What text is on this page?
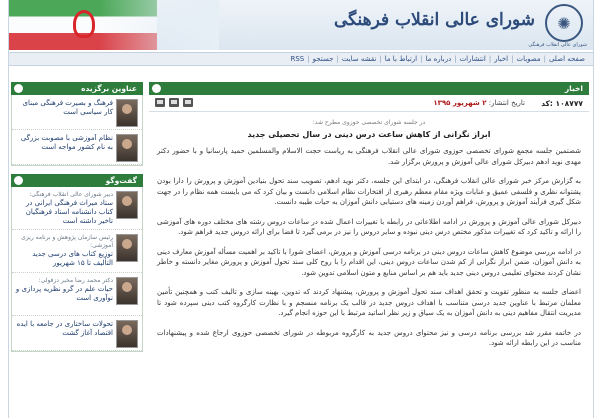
شورای عالی انقلاب فرهنگی	✺
شورای عالی انقلاب فرهنگی
صفحه اصلی
|
مصوبات
|
اخبار
|
انتشارات
|
درباره ما
|
ارتباط با ما
|
نقشه سایت
|
جستجو
|
RSS
عناوین برگزیده
فرهنگ و بصیرت فرهنگی مبنای کار سیاسی است
نظام آموزشی با مصوبت بزرگی به نام کشور مواجه است
گفت‌وگو
دبیر شورای عالی انقلاب فرهنگی:
ستاد میراث فرهنگی ایرانی در کتاب دانشنامه استاد فرهنگیان تاخیر داشته است
رئیس سازمان پژوهش و برنامه ریزی آموزشی:
توزیع کتاب های درسی جدید التألیف تا ۱۵ شهریور
دکتر محمد رضا مخبر دزفولی:
حیات علم در گرو نظریه پردازی و نوآوری است
تحولات ساختاری در جامعه با ایده اقتصاد آغاز گشت
اخبار
۱۰۸۷۷۷ :کد
تاریخ انتشار: ۲ شهریور ۱۳۹۵
در جلسه شورای تخصصی حوزوی مطرح شد:
ابراز نگرانی از کاهش ساعت درس دینی در سال تحصیلی جدید

شصتمین جلسه مجمع شورای تخصصی حوزوی شورای عالی انقلاب فرهنگی به ریاست حجت الاسلام والمسلمین حمید پارسانیا و با حضور دکتر مهدی نوید ادهم دبیرکل شورای عالی آموزش و پرورش برگزار شد.

به گزارش مرکز خبر شورای عالی انقلاب فرهنگی، در ابتدای این جلسه، دکتر نوید ادهم، تصویب سند تحول بنیادین آموزش و پرورش را دارا بودن پشتوانه نظری و فلسفی عمیق و عنایات ویژه مقام معظم رهبری از افتخارات نظام اسلامی دانست و بیان کرد که می بایست همه نظام را در جهت شکل گیری فرآیند آموزش و پرورش، فراهم آوردن زمینه های دستیابی دانش آموزان به حیات طیبه دانست.

دبیرکل شورای عالی آموزش و پرورش در ادامه اطلاعاتی در رابطه با تغییرات اعمال شده در ساعات دروس رشته های مختلف دوره های آموزشی را ارائه و تاکید کرد که تغییرات مذکور مختص درس دینی نبوده و سایر دروس را نیز در برمی گیرد تا فضا برای ارائه دروس جدید فراهم شود.

در ادامه بررسی موضوع کاهش ساعات دروس دینی در برنامه درسی آموزش و پرورش، اعضای شورا با تاکید بر اهمیت مسأله آموزش معارف دینی به دانش آموزان، ضمن ابراز نگرانی از کم شدن ساعات دروس دینی، این اقدام را با روح کلی سند تحول آموزش و پرورش مغایر دانسته و خاطر نشان کردند محتوای تعلیمی دروس دینی جدید باید هم بر اساس منابع و متون اسلامی تدوین شود.

اعضای جلسه به منظور تقویت و تحقق اهداف سند تحول آموزش و پرورش، پیشنهاد کردند که تدوین، بهینه سازی و تالیف کتب و همچنین تأمین معلمان مرتبط با عناوین جدید درسی متناسب با اهداف دروس جدید در قالب یک برنامه منسجم و با نظارت کارگروه کتب دینی سپرده شود تا مدیریت انتقال مفاهیم دینی به دانش آموزان به یک سیاق و زیر نظر اساتید مرتبط با این حوزه انجام گیرد.

در خاتمه مقرر شد بررسی برنامه درسی و نیز محتوای دروس جدید به کارگروه مربوطه در شورای تخصصی حوزوی ارجاع شده و پیشنهادات مناسب در این رابطه ارائه شود.
